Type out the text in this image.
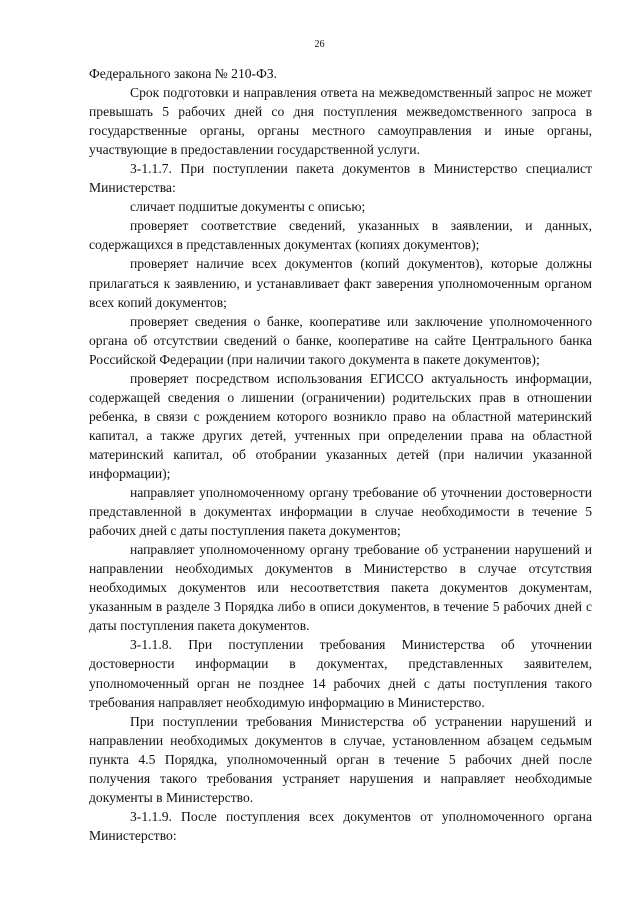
26

Федерального закона № 210-ФЗ.

Срок подготовки и направления ответа на межведомственный запрос не может превышать 5 рабочих дней со дня поступления межведомственного запроса в государственные органы, органы местного самоуправления и иные органы, участвующие в предоставлении государственной услуги.

3-1.1.7. При поступлении пакета документов в Министерство специалист Министерства:

сличает подшитые документы с описью;

проверяет соответствие сведений, указанных в заявлении, и данных, содержащихся в представленных документах (копиях документов);

проверяет наличие всех документов (копий документов), которые должны прилагаться к заявлению, и устанавливает факт заверения уполномоченным органом всех копий документов;

проверяет сведения о банке, кооперативе или заключение уполномоченного органа об отсутствии сведений о банке, кооперативе на сайте Центрального банка Российской Федерации (при наличии такого документа в пакете документов);

проверяет посредством использования ЕГИССО актуальность информации, содержащей сведения о лишении (ограничении) родительских прав в отношении ребенка, в связи с рождением которого возникло право на областной материнский капитал, а также других детей, учтенных при определении права на областной материнский капитал, об отобрании указанных детей (при наличии указанной информации);

направляет уполномоченному органу требование об уточнении достоверности представленной в документах информации в случае необходимости в течение 5 рабочих дней с даты поступления пакета документов;

направляет уполномоченному органу требование об устранении нарушений и направлении необходимых документов в Министерство в случае отсутствия необходимых документов или несоответствия пакета документов документам, указанным в разделе 3 Порядка либо в описи документов, в течение 5 рабочих дней с даты поступления пакета документов.

3-1.1.8. При поступлении требования Министерства об уточнении достоверности информации в документах, представленных заявителем, уполномоченный орган не позднее 14 рабочих дней с даты поступления такого требования направляет необходимую информацию в Министерство.

При поступлении требования Министерства об устранении нарушений и направлении необходимых документов в случае, установленном абзацем седьмым пункта 4.5 Порядка, уполномоченный орган в течение 5 рабочих дней после получения такого требования устраняет нарушения и направляет необходимые документы в Министерство.

3-1.1.9. После поступления всех документов от уполномоченного органа Министерство:
